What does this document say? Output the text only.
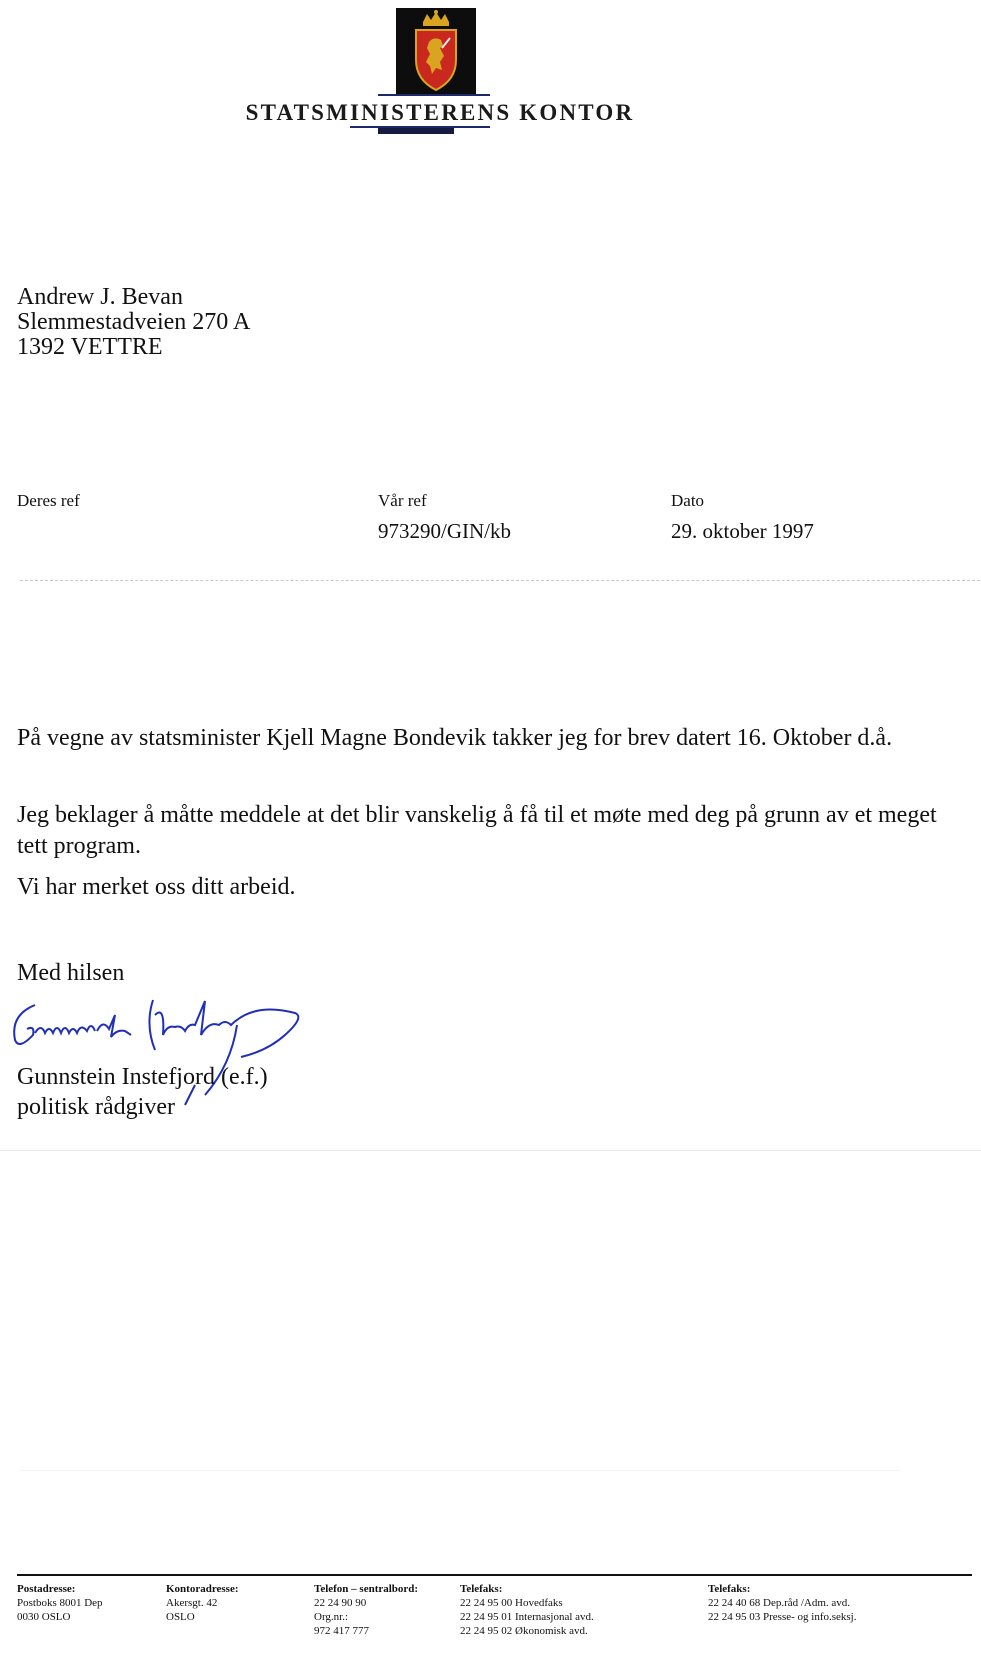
STATSMINISTERENS KONTOR
Andrew J. Bevan
Slemmestadveien 270 A
1392 VETTRE
Deres ref	Vår ref
973290/GIN/kb
Dato
29. oktober 1997
På vegne av statsminister Kjell Magne Bondevik takker jeg for brev datert 16. Oktober d.å.
Jeg beklager å måtte meddele at det blir vanskelig å få til et møte med deg på grunn av et meget tett program.
Vi har merket oss ditt arbeid.
Med hilsen
Gunnstein Instefjord (e.f.)
politisk rådgiver
Postadresse:
Postboks 8001 Dep
0030 OSLO
Kontoradresse:
Akersgt. 42
OSLO
Telefon – sentralbord:
22 24 90 90
Org.nr.:
972 417 777
Telefaks:
22 24 95 00 Hovedfaks
22 24 95 01 Internasjonal avd.
22 24 95 02 Økonomisk avd.
Telefaks:
22 24 40 68 Dep.råd /Adm. avd.
22 24 95 03 Presse- og info.seksj.
